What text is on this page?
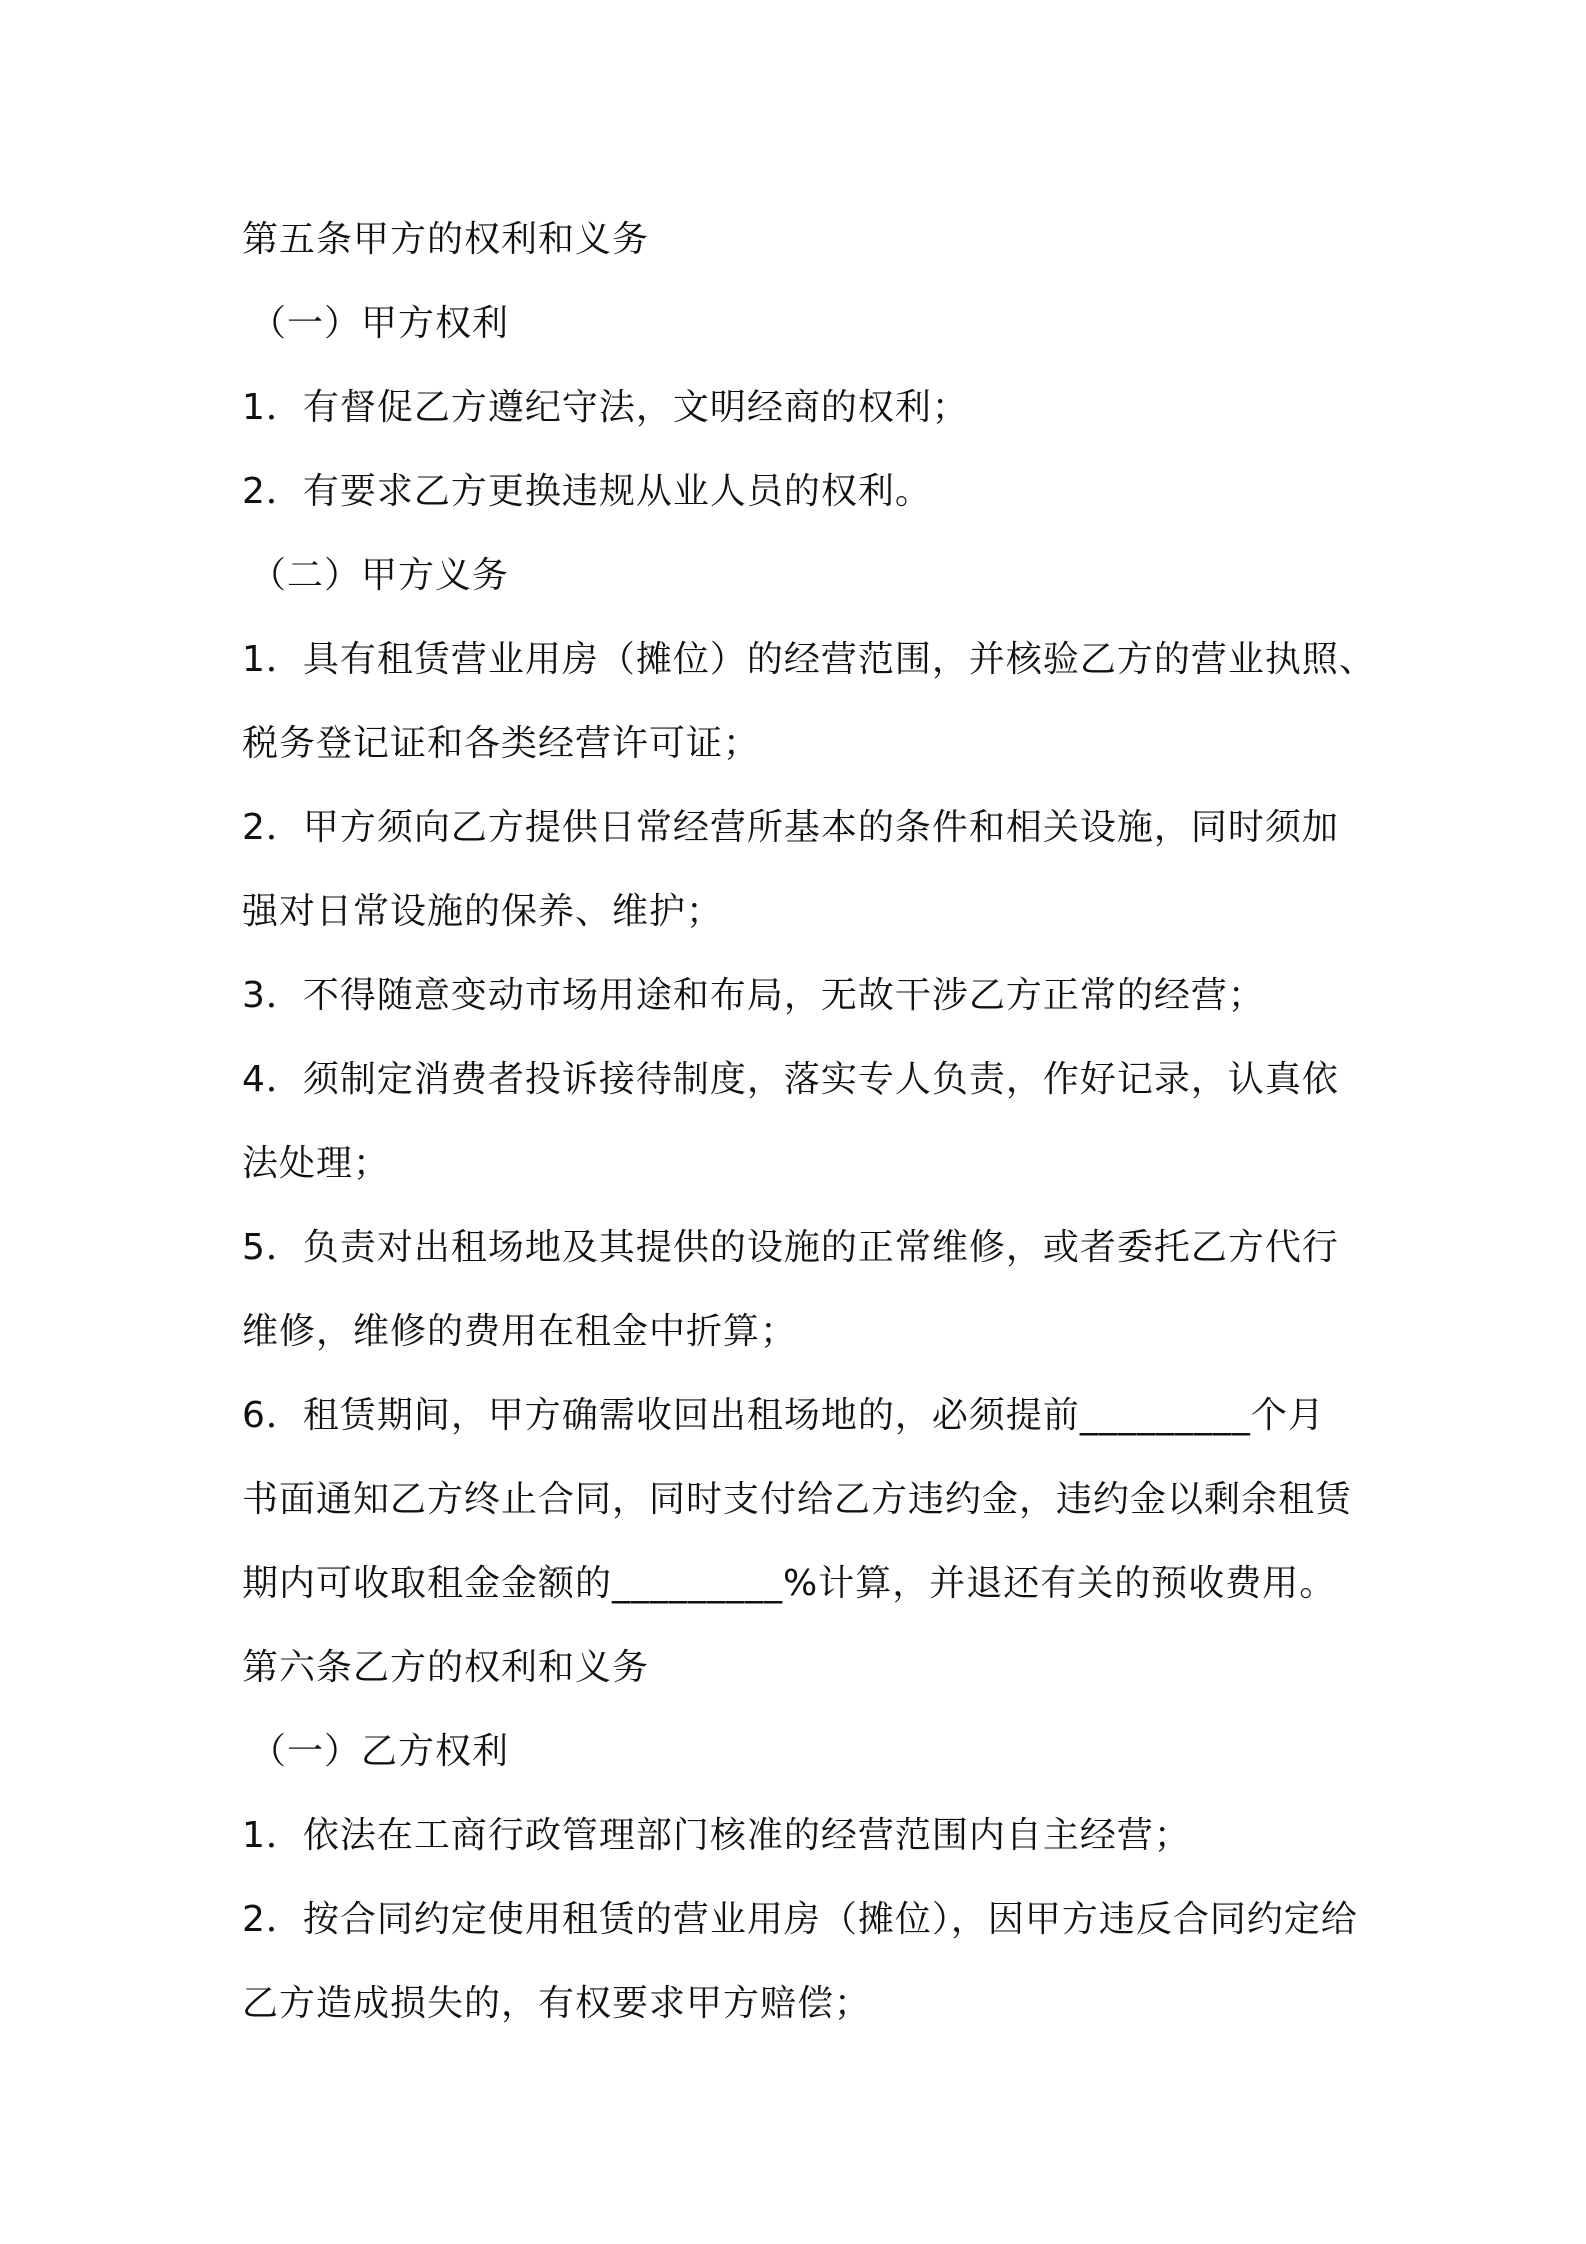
第五条甲方的权利和义务
（一）甲方权利
1．有督促乙方遵纪守法，文明经商的权利；
2．有要求乙方更换违规从业人员的权利。
（二）甲方义务
1．具有租赁营业用房（摊位）的经营范围，并核验乙方的营业执照、
税务登记证和各类经营许可证；
2．甲方须向乙方提供日常经营所基本的条件和相关设施，同时须加
强对日常设施的保养、维护；
3．不得随意变动市场用途和布局，无故干涉乙方正常的经营；
4．须制定消费者投诉接待制度，落实专人负责，作好记录，认真依
法处理；
5．负责对出租场地及其提供的设施的正常维修，或者委托乙方代行
维修，维修的费用在租金中折算；
6．租赁期间，甲方确需收回出租场地的，必须提前_________个月
书面通知乙方终止合同，同时支付给乙方违约金，违约金以剩余租赁
期内可收取租金金额的_________%计算，并退还有关的预收费用。
第六条乙方的权利和义务
（一）乙方权利
1．依法在工商行政管理部门核准的经营范围内自主经营；
2．按合同约定使用租赁的营业用房（摊位），因甲方违反合同约定给
乙方造成损失的，有权要求甲方赔偿；
